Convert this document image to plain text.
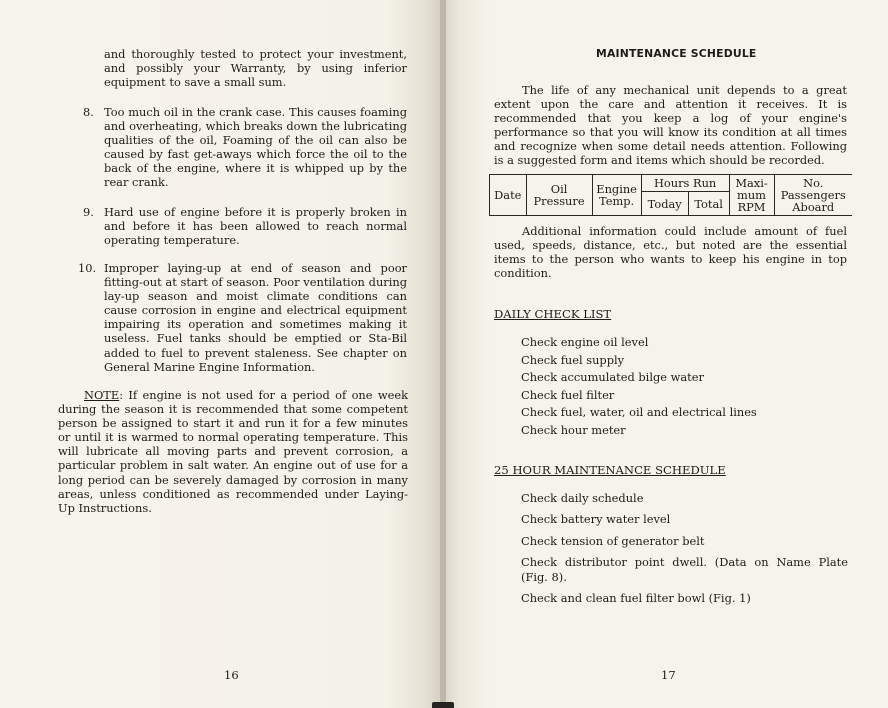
and thoroughly tested to protect your investment, and possibly your Warranty, by using inferior equipment to save a small sum.

8. Too much oil in the crank case. This causes foaming and overheating, which breaks down the lubricating qualities of the oil, Foaming of the oil can also be caused by fast get-aways which force the oil to the back of the engine, where it is whipped up by the rear crank.

9. Hard use of engine before it is properly broken in and before it has been allowed to reach normal operating temperature.

10. Improper laying-up at end of season and poor fitting-out at start of season. Poor ventilation during lay-up season and moist climate conditions can cause corrosion in engine and electrical equipment impairing its operation and sometimes making it useless. Fuel tanks should be emptied or Sta-Bil added to fuel to prevent staleness. See chapter on General Marine Engine Information.

NOTE: If engine is not used for a period of one week during the season it is recommended that some competent person be assigned to start it and run it for a few minutes or until it is warmed to normal operating temperature. This will lubricate all moving parts and prevent corrosion, a particular problem in salt water. An engine out of use for a long period can be severely damaged by corrosion in many areas, unless conditioned as recommended under Laying-Up Instructions.

16
MAINTENANCE SCHEDULE

The life of any mechanical unit depends to a great extent upon the care and attention it receives. It is recommended that you keep a log of your engine's performance so that you will know its condition at all times and recognize when some detail needs attention. Following is a suggested form and items which should be recorded.

Date	Oil Pressure	Engine Temp.	Hours Run		Maxi-mum RPM	No. Passengers Aboard
			Today	Total		

Additional information could include amount of fuel used, speeds, distance, etc., but noted are the essential items to the person who wants to keep his engine in top condition.

DAILY CHECK LIST
Check engine oil level
Check fuel supply
Check accumulated bilge water
Check fuel filter
Check fuel, water, oil and electrical lines
Check hour meter
25 HOUR MAINTENANCE SCHEDULE
Check daily schedule
Check battery water level
Check tension of generator belt
Check distributor point dwell. (Data on Name Plate (Fig. 8).
Check and clean fuel filter bowl (Fig. 1)
17
